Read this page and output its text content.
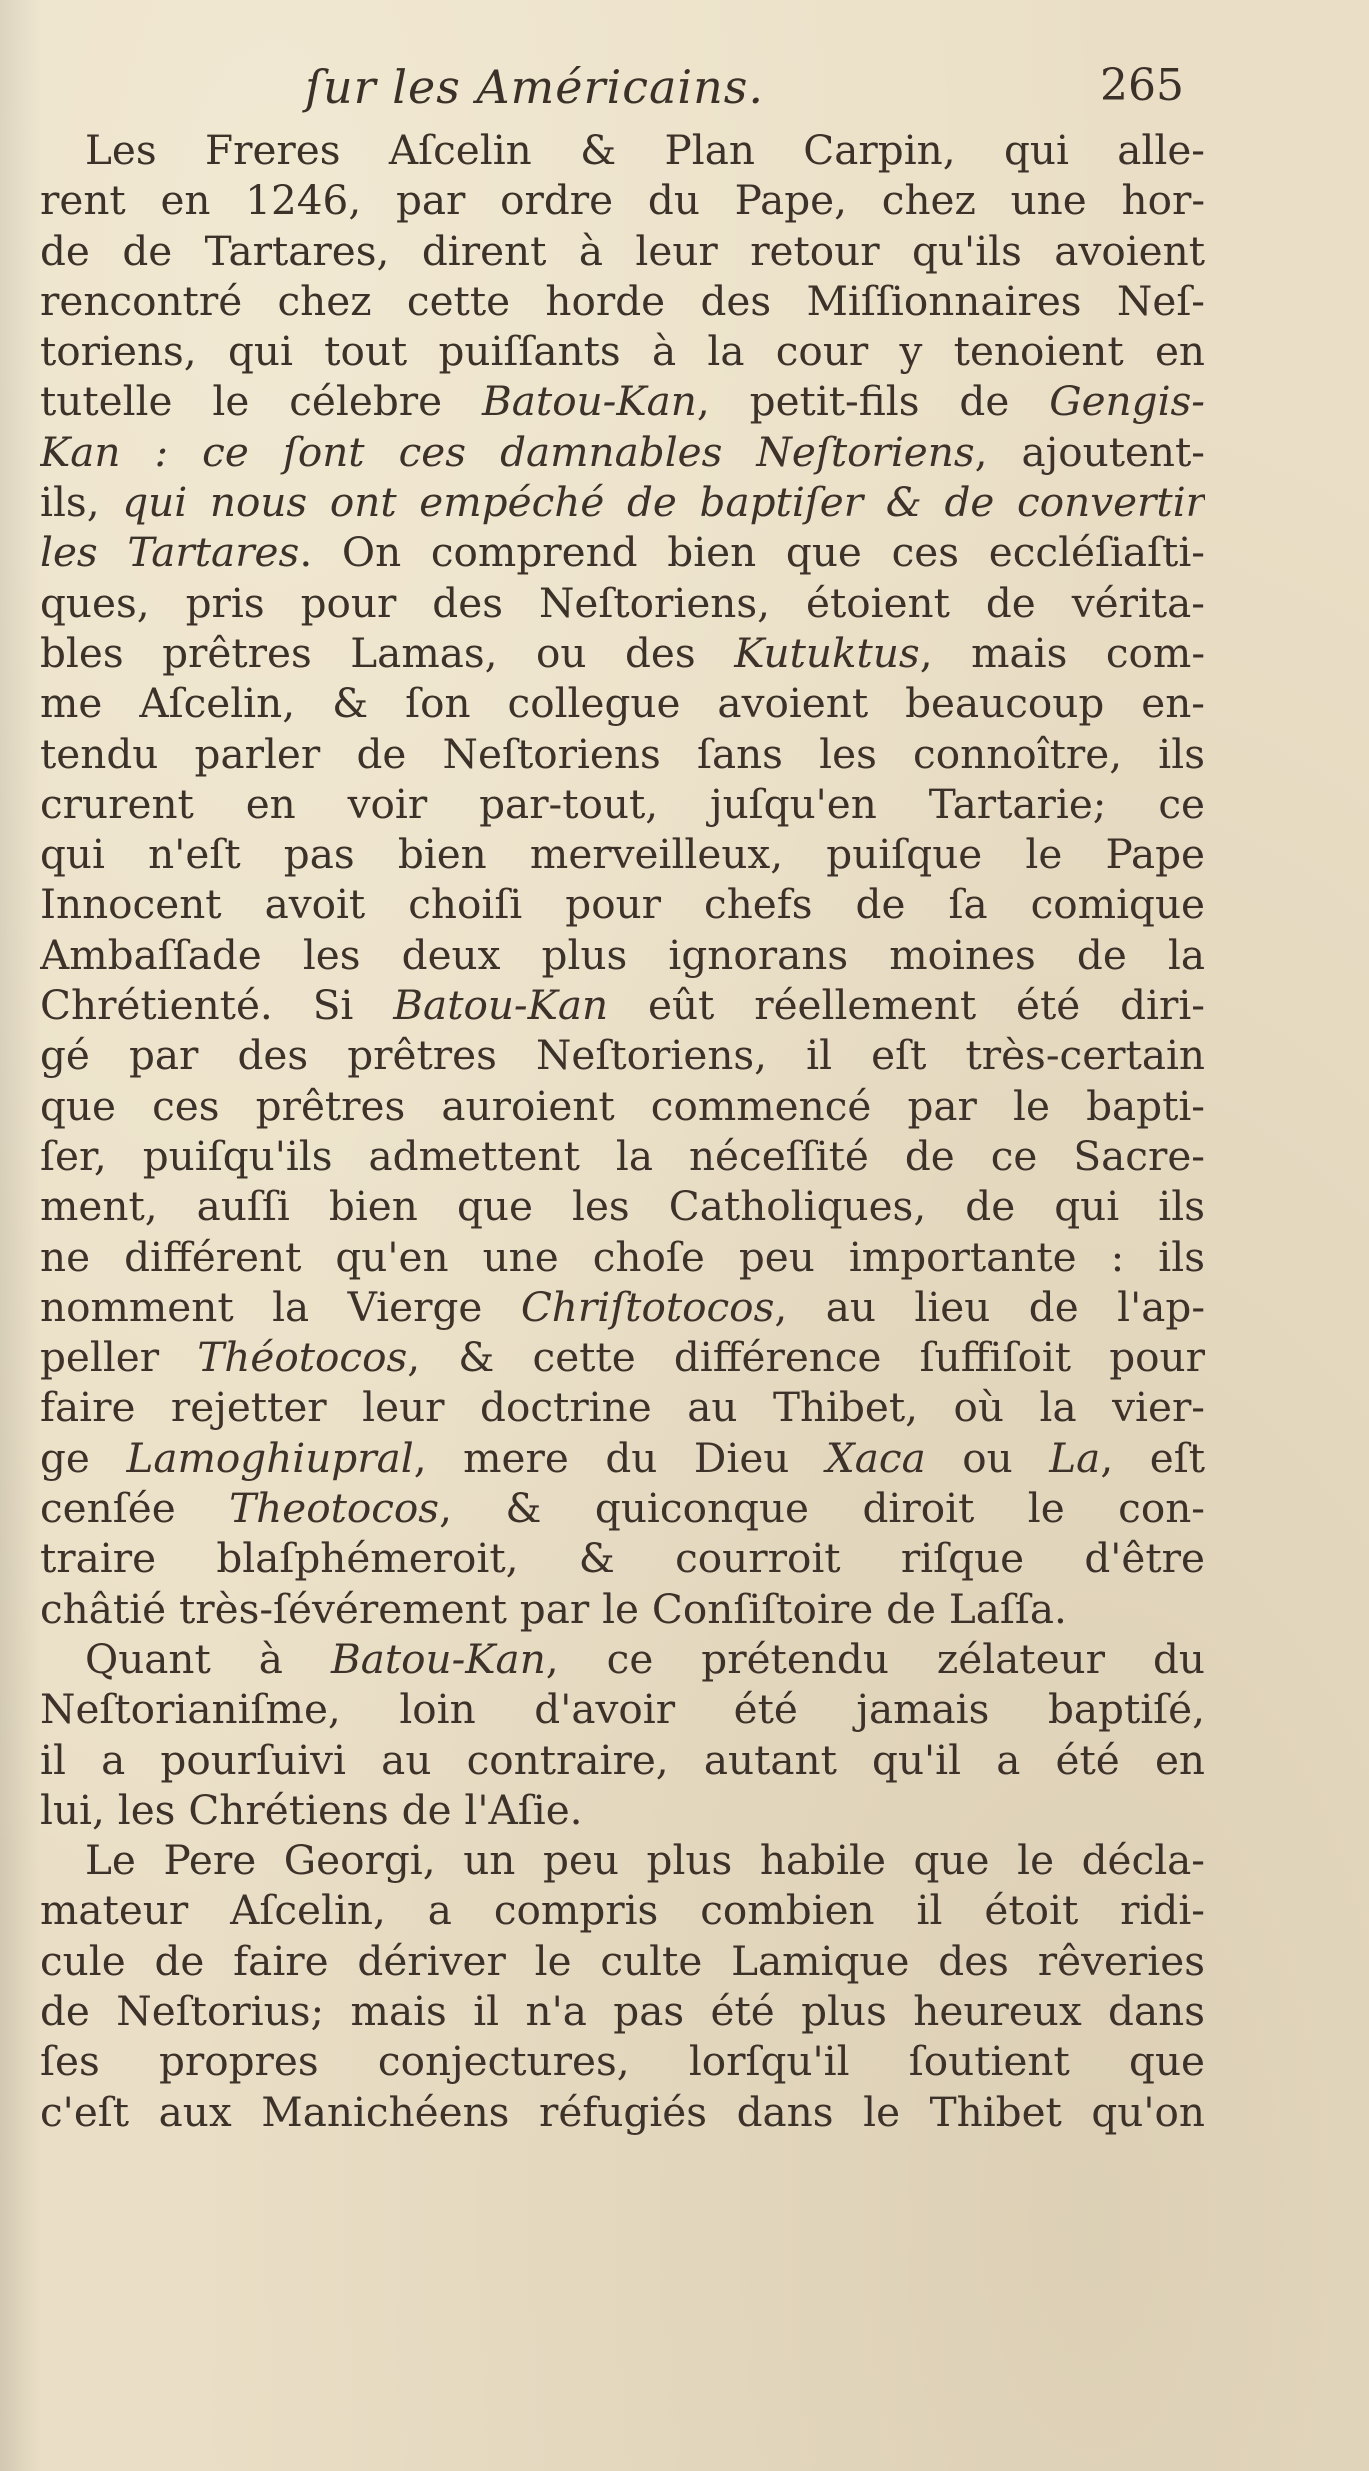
ſur les Américains.	265
Les Freres Aſcelin & Plan Carpin, qui alle-
rent en 1246, par ordre du Pape, chez une hor-
de de Tartares, dirent à leur retour qu'ils avoient
rencontré chez cette horde des Miſſionnaires Neſ-
toriens, qui tout puiſſants à la cour y tenoient en
tutelle le célebre Batou-Kan, petit-fils de Gengis-
Kan : ce ſont ces damnables Neſtoriens, ajoutent-
ils, qui nous ont empéché de baptiſer & de convertir
les Tartares. On comprend bien que ces eccléſiaſti-
ques, pris pour des Neſtoriens, étoient de vérita-
bles prêtres Lamas, ou des Kutuktus, mais com-
me Aſcelin, & ſon collegue avoient beaucoup en-
tendu parler de Neſtoriens ſans les connoître, ils
crurent en voir par-tout, juſqu'en Tartarie; ce
qui n'eſt pas bien merveilleux, puiſque le Pape
Innocent avoit choiſi pour chefs de ſa comique
Ambaſſade les deux plus ignorans moines de la
Chrétienté. Si Batou-Kan eût réellement été diri-
gé par des prêtres Neſtoriens, il eſt très-certain
que ces prêtres auroient commencé par le bapti-
ſer, puiſqu'ils admettent la néceſſité de ce Sacre-
ment, auſſi bien que les Catholiques, de qui ils
ne différent qu'en une choſe peu importante : ils
nomment la Vierge Chriſtotocos, au lieu de l'ap-
peller Théotocos, & cette différence ſuffiſoit pour
faire rejetter leur doctrine au Thibet, où la vier-
ge Lamoghiupral, mere du Dieu Xaca ou La, eſt
cenſée Theotocos, & quiconque diroit le con-
traire blaſphémeroit, & courroit riſque d'être
châtié très-ſévérement par le Conſiſtoire de Laſſa.
Quant à Batou-Kan, ce prétendu zélateur du
Neſtorianiſme, loin d'avoir été jamais baptiſé,
il a pourſuivi au contraire, autant qu'il a été en
lui, les Chrétiens de l'Aſie.
Le Pere Georgi, un peu plus habile que le décla-
mateur Aſcelin, a compris combien il étoit ridi-
cule de faire dériver le culte Lamique des rêveries
de Neſtorius; mais il n'a pas été plus heureux dans
ſes propres conjectures, lorſqu'il ſoutient que
c'eſt aux Manichéens réfugiés dans le Thibet qu'on
